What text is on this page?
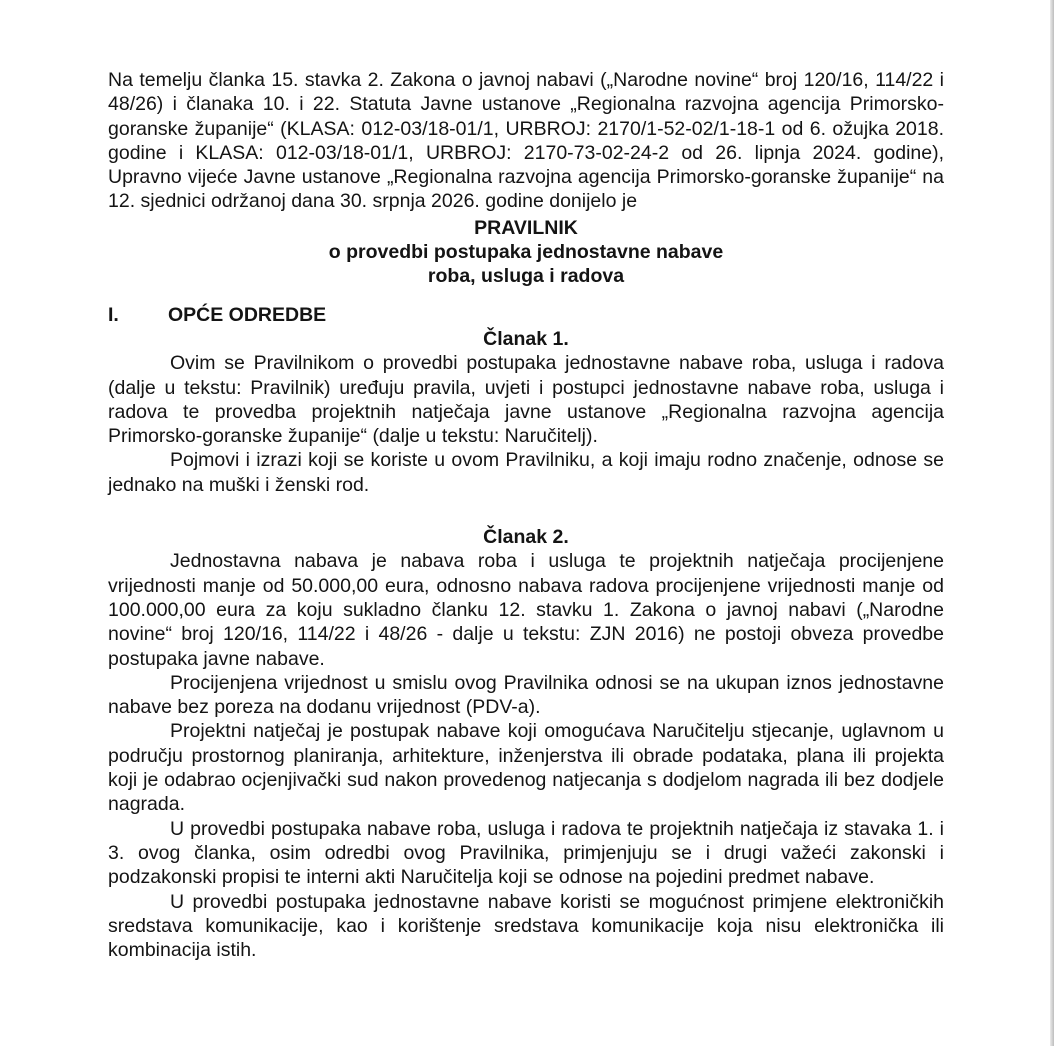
Na temelju članka 15. stavka 2. Zakona o javnoj nabavi („Narodne novine“ broj 120/16, 114/22 i 48/26) i članaka 10. i 22. Statuta Javne ustanove „Regionalna razvojna agencija Primorsko-goranske županije“ (KLASA: 012-03/18-01/1, URBROJ: 2170/1-52-02/1-18-1 od 6. ožujka 2018. godine i KLASA: 012-03/18-01/1, URBROJ: 2170-73-02-24-2 od 26. lipnja 2024. godine), Upravno vijeće Javne ustanove „Regionalna razvojna agencija Primorsko-goranske županije“ na 12. sjednici održanoj dana 30. srpnja 2026. godine donijelo je

PRAVILNIK

o provedbi postupaka jednostavne nabave

roba, usluga i radova

I.	OPĆE ODREDBE

Članak 1.

Ovim se Pravilnikom o provedbi postupaka jednostavne nabave roba, usluga i radova (dalje u tekstu: Pravilnik) uređuju pravila, uvjeti i postupci jednostavne nabave roba, usluga i radova te provedba projektnih natječaja javne ustanove „Regionalna razvojna agencija Primorsko-goranske županije“ (dalje u tekstu: Naručitelj).

Pojmovi i izrazi koji se koriste u ovom Pravilniku, a koji imaju rodno značenje, odnose se jednako na muški i ženski rod.

Članak 2.

Jednostavna nabava je nabava roba i usluga te projektnih natječaja procijenjene vrijednosti manje od 50.000,00 eura, odnosno nabava radova procijenjene vrijednosti manje od 100.000,00 eura za koju sukladno članku 12. stavku 1. Zakona o javnoj nabavi („Narodne novine“ broj 120/16, 114/22 i 48/26 - dalje u tekstu: ZJN 2016) ne postoji obveza provedbe postupaka javne nabave.

Procijenjena vrijednost u smislu ovog Pravilnika odnosi se na ukupan iznos jednostavne nabave bez poreza na dodanu vrijednost (PDV-a).

Projektni natječaj je postupak nabave koji omogućava Naručitelju stjecanje, uglavnom u području prostornog planiranja, arhitekture, inženjerstva ili obrade podataka, plana ili projekta koji je odabrao ocjenjivački sud nakon provedenog natjecanja s dodjelom nagrada ili bez dodjele nagrada.

U provedbi postupaka nabave roba, usluga i radova te projektnih natječaja iz stavaka 1. i 3. ovog članka, osim odredbi ovog Pravilnika, primjenjuju se i drugi važeći zakonski i podzakonski propisi te interni akti Naručitelja koji se odnose na pojedini predmet nabave.

U provedbi postupaka jednostavne nabave koristi se mogućnost primjene elektroničkih sredstava komunikacije, kao i korištenje sredstava komunikacije koja nisu elektronička ili kombinacija istih.
